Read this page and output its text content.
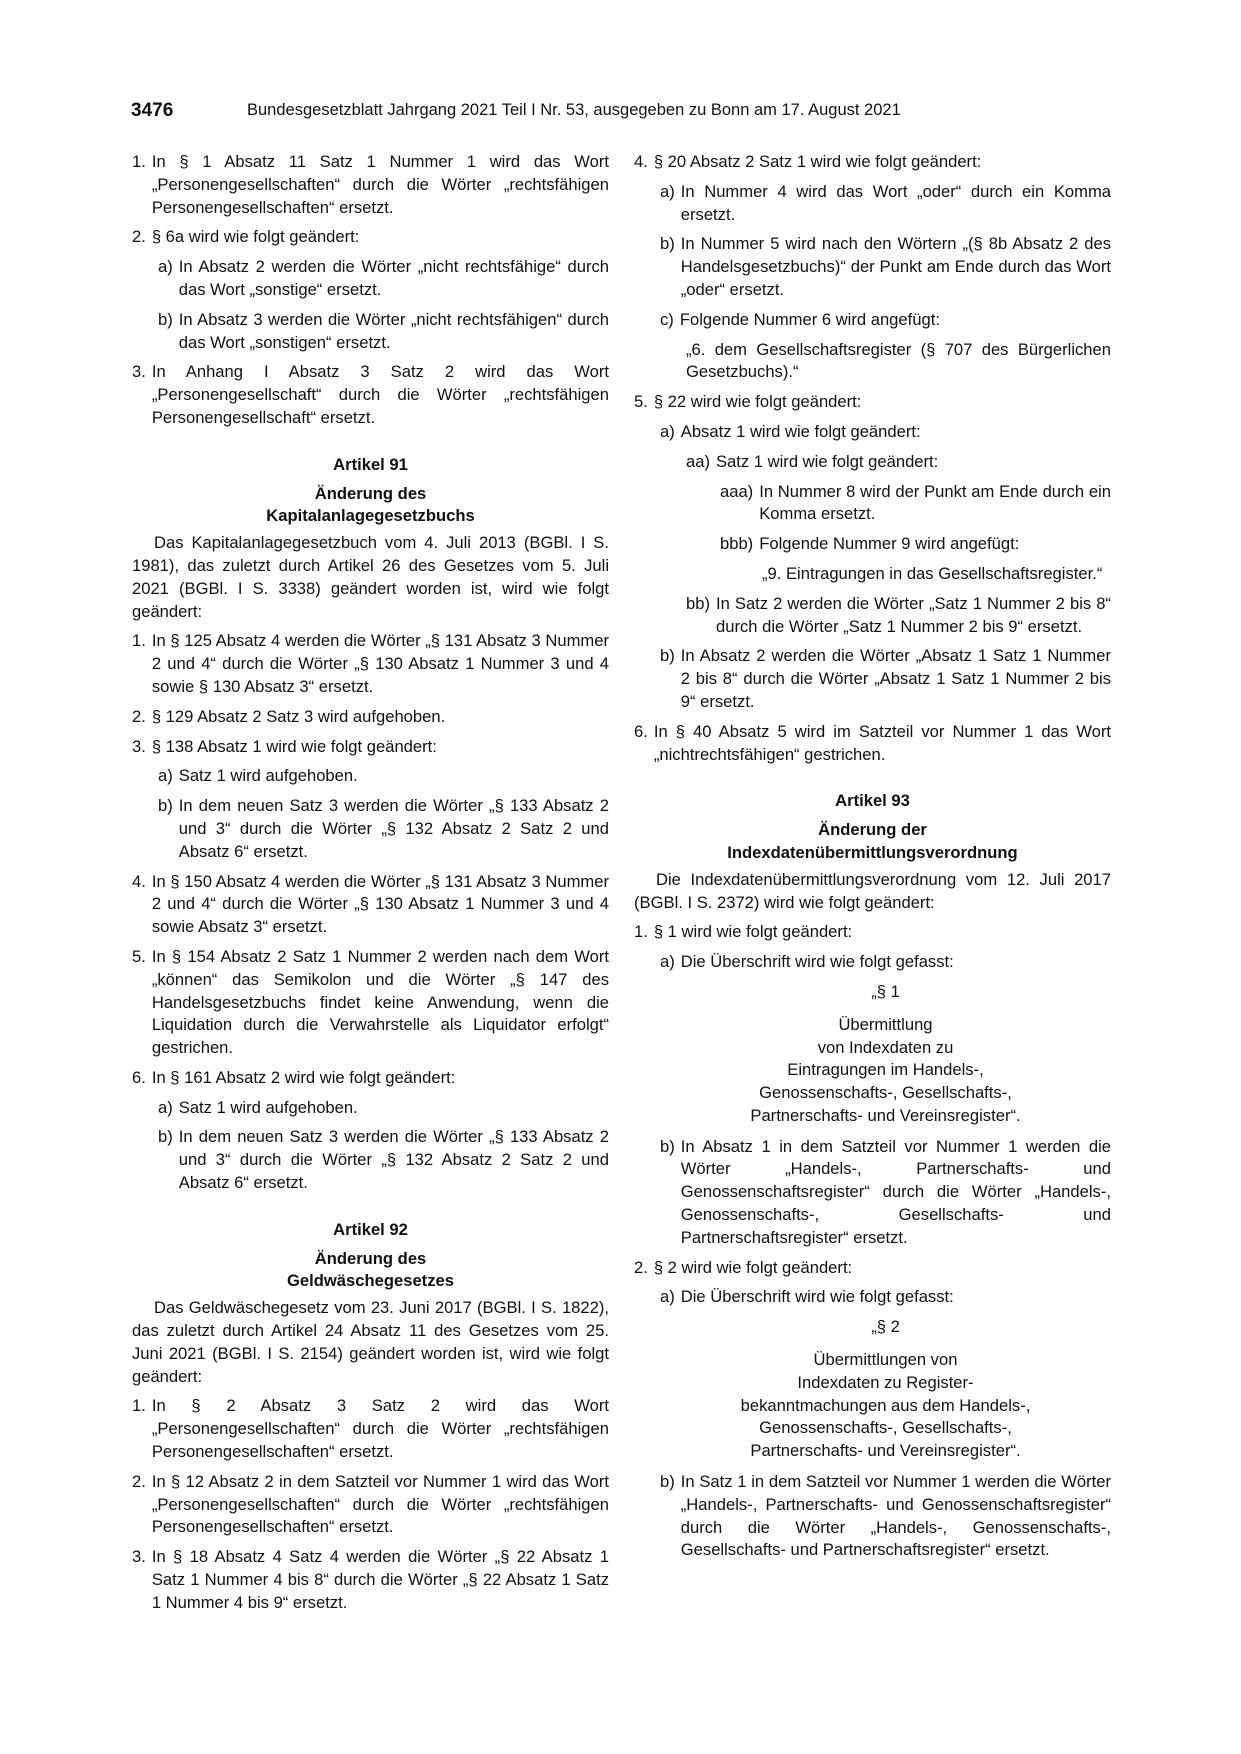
3476	Bundesgesetzblatt Jahrgang 2021 Teil I Nr. 53, ausgegeben zu Bonn am 17. August 2021
1. In § 1 Absatz 11 Satz 1 Nummer 1 wird das Wort „Personengesellschaften“ durch die Wörter „rechtsfähigen Personengesellschaften“ ersetzt.
2. § 6a wird wie folgt geändert:
a) In Absatz 2 werden die Wörter „nicht rechtsfähige“ durch das Wort „sonstige“ ersetzt.
b) In Absatz 3 werden die Wörter „nicht rechtsfähigen“ durch das Wort „sonstigen“ ersetzt.
3. In Anhang I Absatz 3 Satz 2 wird das Wort „Personengesellschaft“ durch die Wörter „rechtsfähigen Personengesellschaft“ ersetzt.
Artikel 91
Änderung des
Kapitalanlagegesetzbuchs
Das Kapitalanlagegesetzbuch vom 4. Juli 2013 (BGBl. I S. 1981), das zuletzt durch Artikel 26 des Gesetzes vom 5. Juli 2021 (BGBl. I S. 3338) geändert worden ist, wird wie folgt geändert:
1. In § 125 Absatz 4 werden die Wörter „§ 131 Absatz 3 Nummer 2 und 4“ durch die Wörter „§ 130 Absatz 1 Nummer 3 und 4 sowie § 130 Absatz 3“ ersetzt.
2. § 129 Absatz 2 Satz 3 wird aufgehoben.
3. § 138 Absatz 1 wird wie folgt geändert:
a) Satz 1 wird aufgehoben.
b) In dem neuen Satz 3 werden die Wörter „§ 133 Absatz 2 und 3“ durch die Wörter „§ 132 Absatz 2 Satz 2 und Absatz 6“ ersetzt.
4. In § 150 Absatz 4 werden die Wörter „§ 131 Absatz 3 Nummer 2 und 4“ durch die Wörter „§ 130 Absatz 1 Nummer 3 und 4 sowie Absatz 3“ ersetzt.
5. In § 154 Absatz 2 Satz 1 Nummer 2 werden nach dem Wort „können“ das Semikolon und die Wörter „§ 147 des Handelsgesetzbuchs findet keine Anwendung, wenn die Liquidation durch die Verwahrstelle als Liquidator erfolgt“ gestrichen.
6. In § 161 Absatz 2 wird wie folgt geändert:
a) Satz 1 wird aufgehoben.
b) In dem neuen Satz 3 werden die Wörter „§ 133 Absatz 2 und 3“ durch die Wörter „§ 132 Absatz 2 Satz 2 und Absatz 6“ ersetzt.
Artikel 92
Änderung des
Geldwäschegesetzes
Das Geldwäschegesetz vom 23. Juni 2017 (BGBl. I S. 1822), das zuletzt durch Artikel 24 Absatz 11 des Gesetzes vom 25. Juni 2021 (BGBl. I S. 2154) geändert worden ist, wird wie folgt geändert:
1. In § 2 Absatz 3 Satz 2 wird das Wort „Personengesellschaften“ durch die Wörter „rechtsfähigen Personengesellschaften“ ersetzt.
2. In § 12 Absatz 2 in dem Satzteil vor Nummer 1 wird das Wort „Personengesellschaften“ durch die Wörter „rechtsfähigen Personengesellschaften“ ersetzt.
3. In § 18 Absatz 4 Satz 4 werden die Wörter „§ 22 Absatz 1 Satz 1 Nummer 4 bis 8“ durch die Wörter „§ 22 Absatz 1 Satz 1 Nummer 4 bis 9“ ersetzt.
4. § 20 Absatz 2 Satz 1 wird wie folgt geändert:
a) In Nummer 4 wird das Wort „oder“ durch ein Komma ersetzt.
b) In Nummer 5 wird nach den Wörtern „(§ 8b Absatz 2 des Handelsgesetzbuchs)“ der Punkt am Ende durch das Wort „oder“ ersetzt.
c) Folgende Nummer 6 wird angefügt:
„6. dem Gesellschaftsregister (§ 707 des Bürgerlichen Gesetzbuchs).“
5. § 22 wird wie folgt geändert:
a) Absatz 1 wird wie folgt geändert:
aa) Satz 1 wird wie folgt geändert:
aaa) In Nummer 8 wird der Punkt am Ende durch ein Komma ersetzt.
bbb) Folgende Nummer 9 wird angefügt:
„9. Eintragungen in das Gesellschaftsregister.“
bb) In Satz 2 werden die Wörter „Satz 1 Nummer 2 bis 8“ durch die Wörter „Satz 1 Nummer 2 bis 9“ ersetzt.
b) In Absatz 2 werden die Wörter „Absatz 1 Satz 1 Nummer 2 bis 8“ durch die Wörter „Absatz 1 Satz 1 Nummer 2 bis 9“ ersetzt.
6. In § 40 Absatz 5 wird im Satzteil vor Nummer 1 das Wort „nichtrechtsfähigen“ gestrichen.
Artikel 93
Änderung der
Indexdatenübermittlungsverordnung
Die Indexdatenübermittlungsverordnung vom 12. Juli 2017 (BGBl. I S. 2372) wird wie folgt geändert:
1. § 1 wird wie folgt geändert:
a) Die Überschrift wird wie folgt gefasst:
„§ 1
Übermittlung
von Indexdaten zu
Eintragungen im Handels-,
Genossenschafts-, Gesellschafts-,
Partnerschafts- und Vereinsregister“.
b) In Absatz 1 in dem Satzteil vor Nummer 1 werden die Wörter „Handels-, Partnerschafts- und Genossenschaftsregister“ durch die Wörter „Handels-, Genossenschafts-, Gesellschafts- und Partnerschaftsregister“ ersetzt.
2. § 2 wird wie folgt geändert:
a) Die Überschrift wird wie folgt gefasst:
„§ 2
Übermittlungen von
Indexdaten zu Register-
bekanntmachungen aus dem Handels-,
Genossenschafts-, Gesellschafts-,
Partnerschafts- und Vereinsregister“.
b) In Satz 1 in dem Satzteil vor Nummer 1 werden die Wörter „Handels-, Partnerschafts- und Genossenschaftsregister“ durch die Wörter „Handels-, Genossenschafts-, Gesellschafts- und Partnerschaftsregister“ ersetzt.
